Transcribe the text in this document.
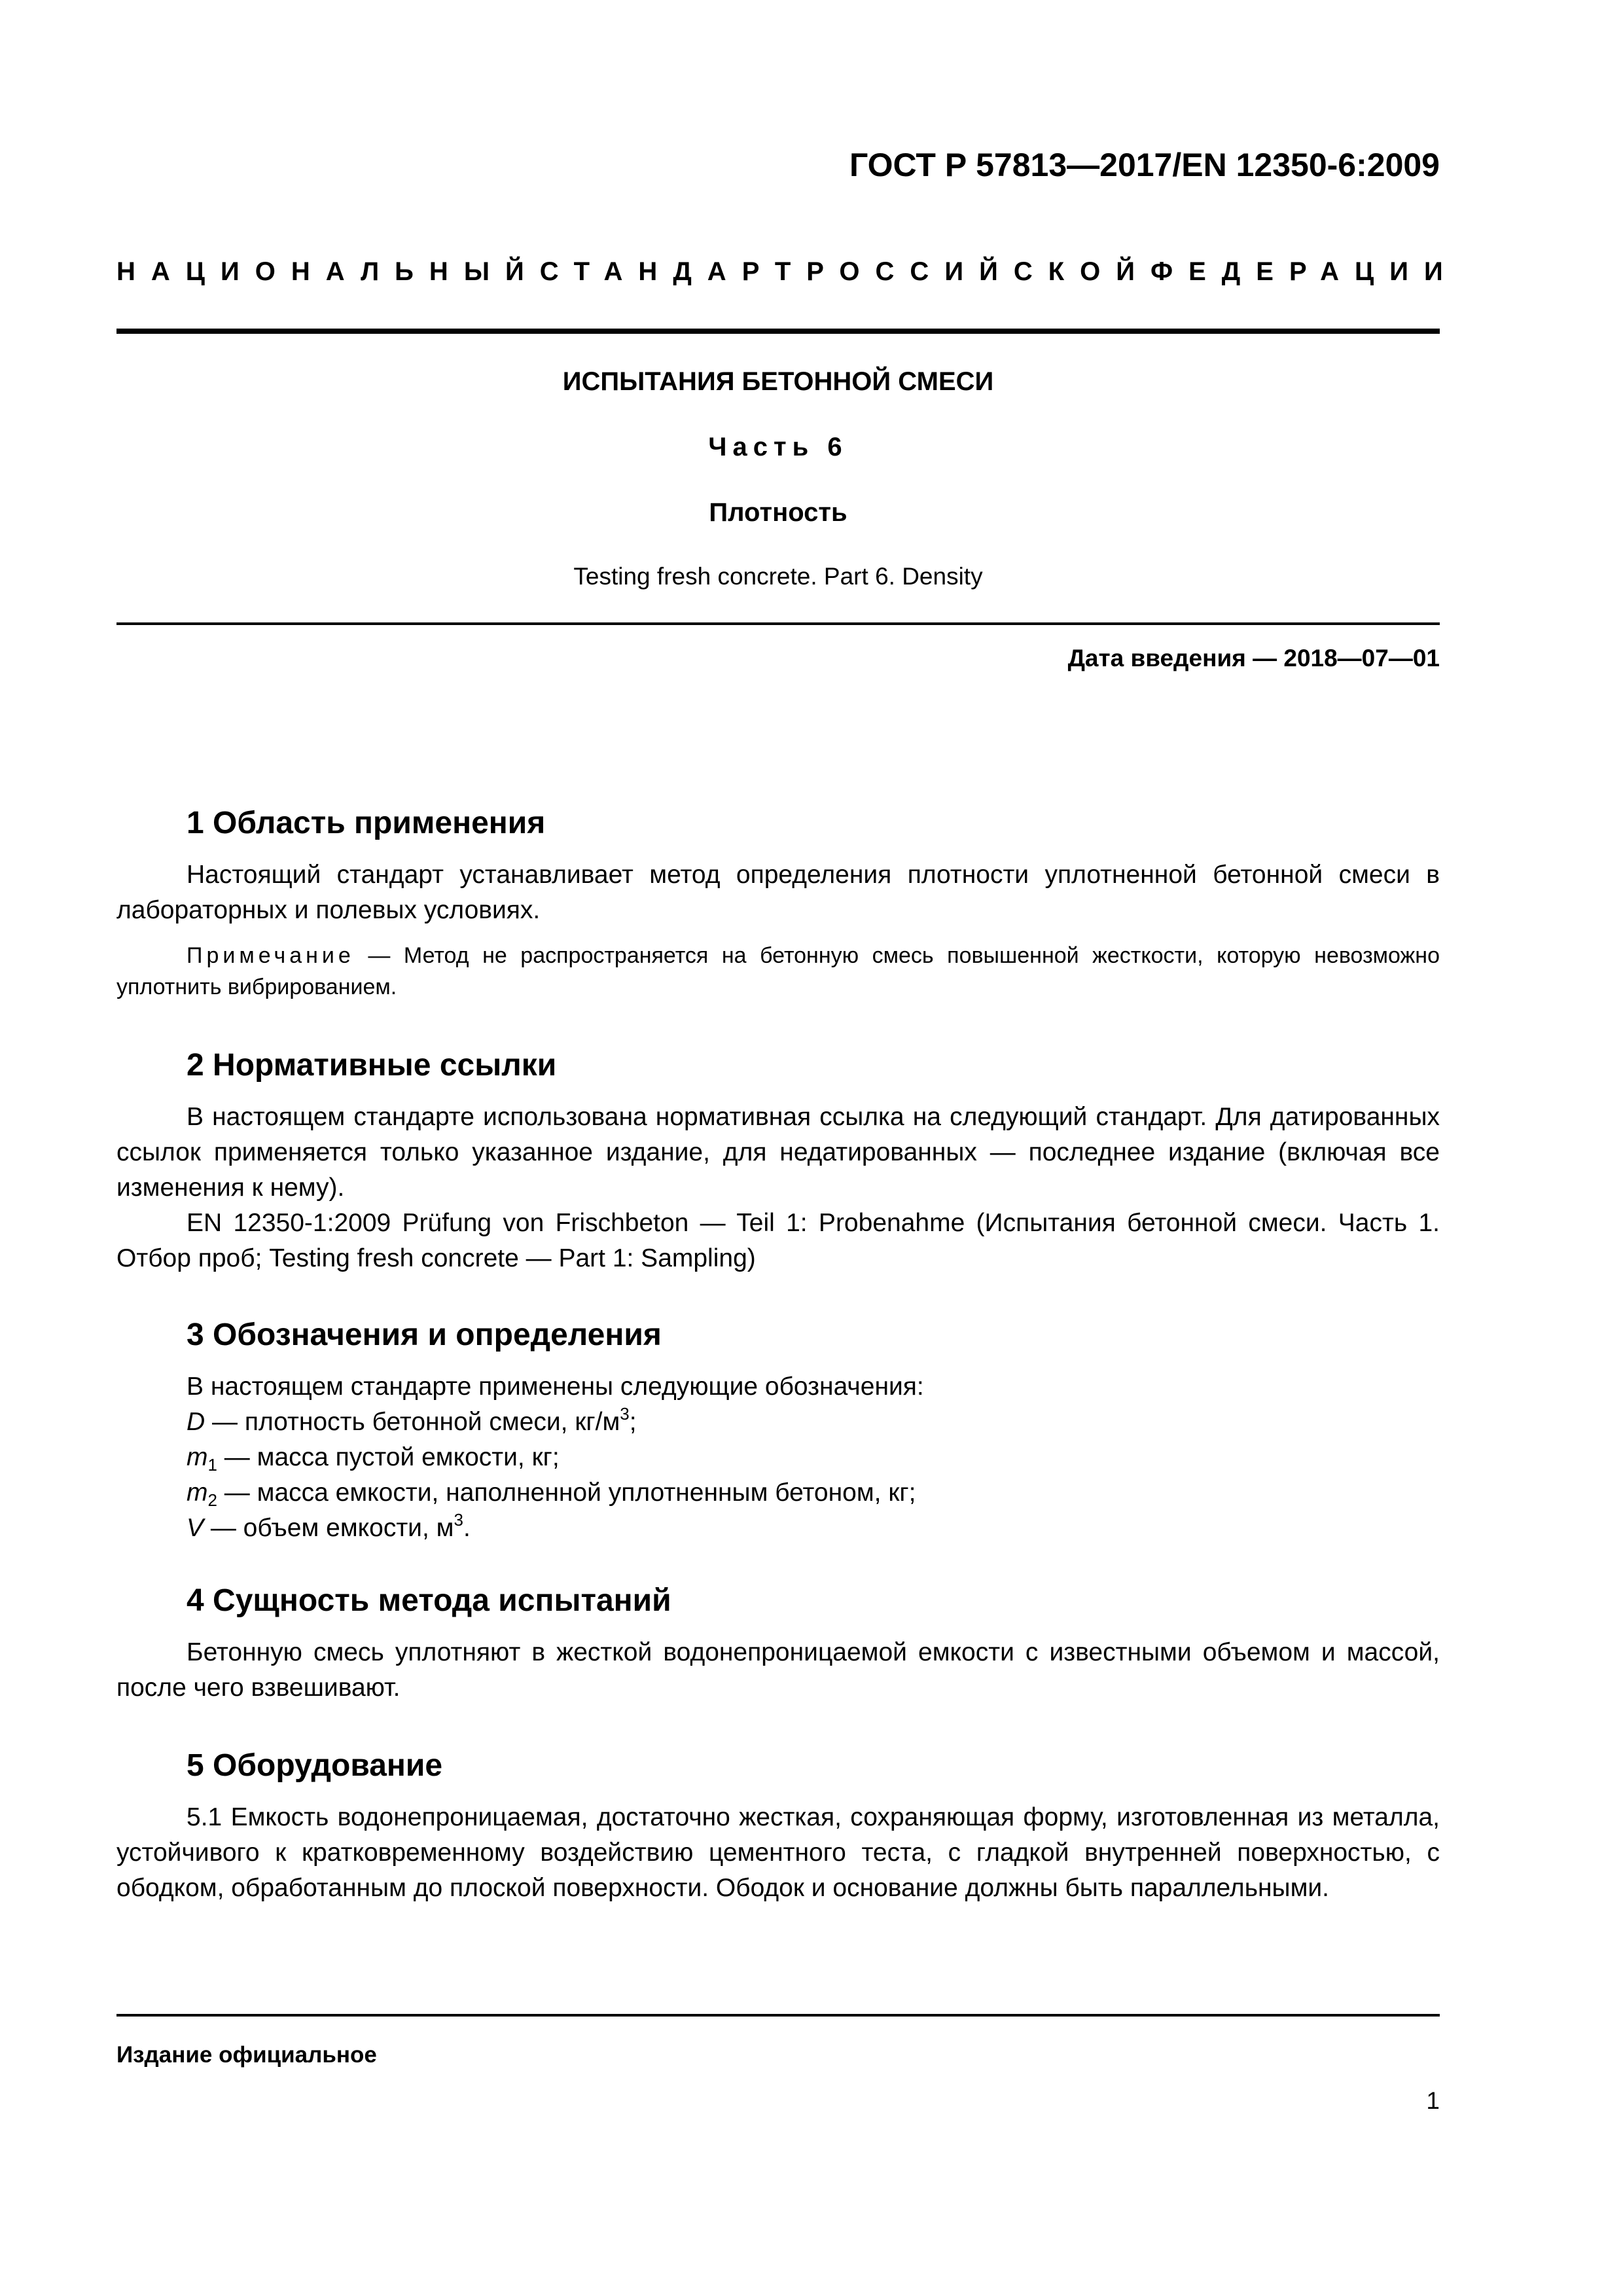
ГОСТ Р 57813—2017/EN 12350-6:2009
НАЦИОНАЛЬНЫЙ СТАНДАРТ РОССИЙСКОЙ ФЕДЕРАЦИИ
ИСПЫТАНИЯ БЕТОННОЙ СМЕСИ
Часть 6
Плотность
Testing fresh concrete. Part 6. Density
Дата введения — 2018—07—01
1 Область применения

Настоящий стандарт устанавливает метод определения плотности уплотненной бетонной смеси в лабораторных и полевых условиях.

Примечание — Метод не распространяется на бетонную смесь повышенной жесткости, которую невозможно уплотнить вибрированием.

2 Нормативные ссылки

В настоящем стандарте использована нормативная ссылка на следующий стандарт. Для датированных ссылок применяется только указанное издание, для недатированных — последнее издание (включая все изменения к нему).

EN 12350-1:2009 Prüfung von Frischbeton — Teil 1: Probenahme (Испытания бетонной смеси. Часть 1. Отбор проб; Testing fresh concrete — Part 1: Sampling)

3 Обозначения и определения

В настоящем стандарте применены следующие обозначения:

D — плотность бетонной смеси, $кг/м^3$;

$m_1$ — масса пустой емкости, кг;

$m_2$ — масса емкости, наполненной уплотненным бетоном, кг;

V — объем емкости, $м^3$.

4 Сущность метода испытаний

Бетонную смесь уплотняют в жесткой водонепроницаемой емкости с известными объемом и массой, после чего взвешивают.

5 Оборудование

5.1 Емкость водонепроницаемая, достаточно жесткая, сохраняющая форму, изготовленная из металла, устойчивого к кратковременному воздействию цементного теста, с гладкой внутренней поверхностью, с ободком, обработанным до плоской поверхности. Ободок и основание должны быть параллельными.

Издание официальное
1
